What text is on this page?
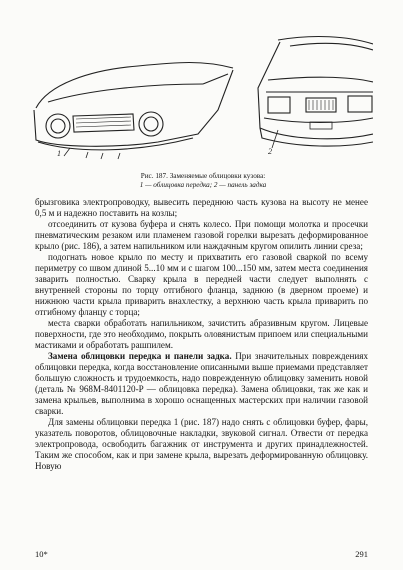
1	2
Рис. 187. Заменяемые облицовки кузова:
1 — облицовка передка; 2 — панель задка

брызговика электропроводку, вывесить переднюю часть кузова на высоту не менее 0,5 м и надежно поставить на козлы;

отсоединить от кузова буфера и снять колесо. При помощи молотка и просечки пневматическим резаком или пламенем газовой горелки вырезать деформированное крыло (рис. 186), а затем напильником или наждачным кругом опилить линии среза;

подогнать новое крыло по месту и прихватить его газовой сваркой по всему периметру со швом длиной 5...10 мм и с шагом 100...150 мм, затем места соединения заварить полностью. Сварку крыла в передней части следует выполнять с внутренней стороны по торцу отгибного фланца, заднюю (в дверном проеме) и нижнюю части крыла приварить внахлестку, а верхнюю часть крыла приварить по отгибному фланцу с торца;

места сварки обработать напильником, зачистить абразивным кругом. Лицевые поверхности, где это необходимо, покрыть оловянистым припоем или специальными мастиками и обработать рашпилем.

Замена облицовки передка и панели задка. При значительных повреждениях облицовки передка, когда восстановление описанными выше приемами представляет большую сложность и трудоемкость, надо поврежденную облицовку заменить новой (деталь № 968М-8401120-Р — облицовка передка). Замена облицовки, так же как и замена крыльев, выполнима в хорошо оснащенных мастерских при наличии газовой сварки.

Для замены облицовки передка 1 (рис. 187) надо снять с облицовки буфер, фары, указатель поворотов, облицовочные накладки, звуковой сигнал. Отвести от передка электропровода, освободить багажник от инструмента и других принадлежностей. Таким же способом, как и при замене крыла, вырезать деформированную облицовку. Новую

10*	291
